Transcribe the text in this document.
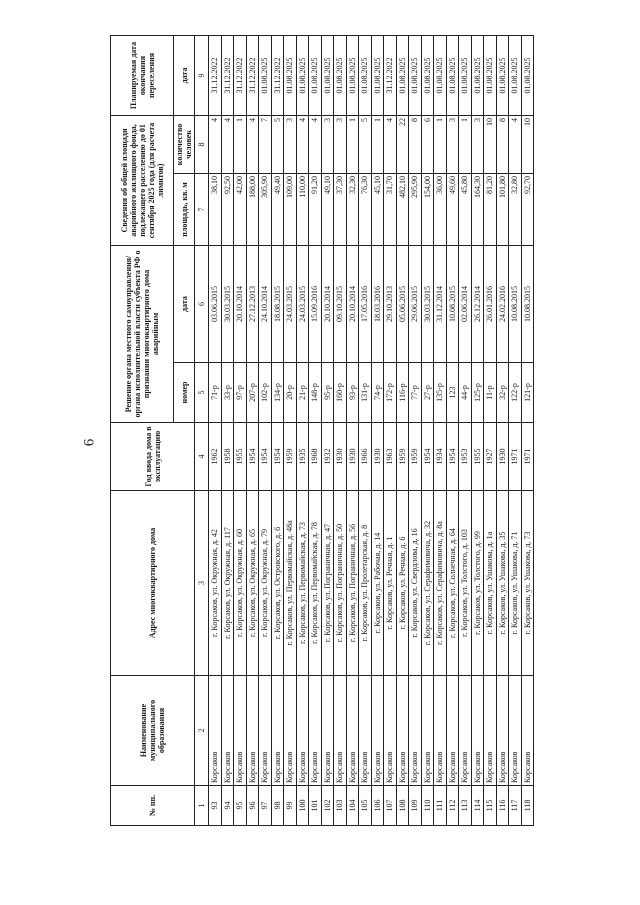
6
№ пп.	Наименование муниципального образования	Адрес многоквартирного дома	Год ввода дома в эксплуатацию	Решение органа местного самоуправления/органа исполнительной власти субъекта РФ о признании многоквартирного дома аварийным		Сведения об общей площади аварийного жилищного фонда, подлежащего расселению до 01 сентября 2025 года (для расчета лимитов)		Планируемая дата окончания переселения
				номер	дата	площадь, кв. м	количество человек	дата
1	2	3	4	5	6	7	8	9
93	Корсаков	г. Корсаков, ул. Окружная, д. 42	1962	71-р	03.06.2015	38,10	4	31.12.2022
94	Корсаков	г. Корсаков, ул. Окружная, д. 117	1958	33-р	30.03.2015	92,50	4	31.12.2022
95	Корсаков	г. Корсаков, ул. Окружная, д. 60	1955	97-р	20.10.2014	42,00	1	31.12.2022
96	Корсаков	г. Корсаков, ул. Окружная, д. 65	1954	207-р	27.12.2013	188,00	4	31.12.2022
97	Корсаков	г. Корсаков, ул. Окружная, д. 79	1954	102-р	24.10.2014	305,90	7	01.08.2025
98	Корсаков	г. Корсаков, ул. Островского, д. 6	1954	134-р	18.08.2015	49,40	5	31.12.2022
99	Корсаков	г. Корсаков, ул. Первомайская, д. 48а	1959	20-р	24.03.2015	109,00	3	01.08.2025
100	Корсаков	г. Корсаков, ул. Первомайская, д. 73	1935	21-р	24.03.2015	110,00	4	01.08.2025
101	Корсаков	г. Корсаков, ул. Первомайская, д. 78	1968	148-р	15.09.2016	91,20	4	01.08.2025
102	Корсаков	г. Корсаков, ул. Пограничная, д. 47	1932	95-р	20.10.2014	49,10	3	01.08.2025
103	Корсаков	г. Корсаков, ул. Пограничная, д. 50	1930	160-р	09.10.2015	37,30	3	01.08.2025
104	Корсаков	г. Корсаков, ул. Пограничная, д. 56	1930	93-р	20.10.2014	32,30	1	01.08.2025
105	Корсаков	г. Корсаков, ул. Пролетарская, д. 8	1966	131-р	17.05.2016	76,30	5	01.08.2025
106	Корсаков	г. Корсаков, ул. Рабочая, д. 14	1930	74-р	18.03.2016	45,10	1	01.08.2025
107	Корсаков	г. Корсаков, ул. Речная, д. 1	1963	172-р	29.10.2013	31,70	4	31.12.2022
108	Корсаков	г. Корсаков, ул. Речная, д. 6	1959	116-р	05.06.2015	482,10	22	01.08.2025
109	Корсаков	г. Корсаков, ул. Свердлова, д. 16	1959	77-р	29.06.2015	295,90	8	01.08.2025
110	Корсаков	г. Корсаков, ул. Серафимовича, д. 32	1954	27-р	30.03.2015	154,00	6	01.08.2025
111	Корсаков	г. Корсаков, ул. Серафимовича, д. 8а	1934	135-р	31.12.2014	36,00	1	01.08.2025
112	Корсаков	г. Корсаков, ул. Солнечная, д. 64	1954	123	10.08.2015	49,60	3	01.08.2025
113	Корсаков	г. Корсаков, ул. Толстого, д. 103	1953	44-р	02.06.2014	45,80	1	01.08.2025
114	Корсаков	г. Корсаков, ул. Толстого, д. 99	1955	125-р	26.12.2014	164,30	3	01.08.2025
115	Корсаков	г. Корсаков, ул. Ушакова, д. 1а	1927	11-р	26.01.2016	81,20	10	01.08.2025
116	Корсаков	г. Корсаков, ул. Ушакова, д. 35	1930	32-р	24.02.2016	101,80	8	01.08.2025
117	Корсаков	г. Корсаков, ул. Ушакова, д. 71	1971	122-р	10.08.2015	32,80	4	01.08.2025
118	Корсаков	г. Корсаков, ул. Ушакова, д. 73	1971	121-р	10.08.2015	92,70	10	01.08.2025
